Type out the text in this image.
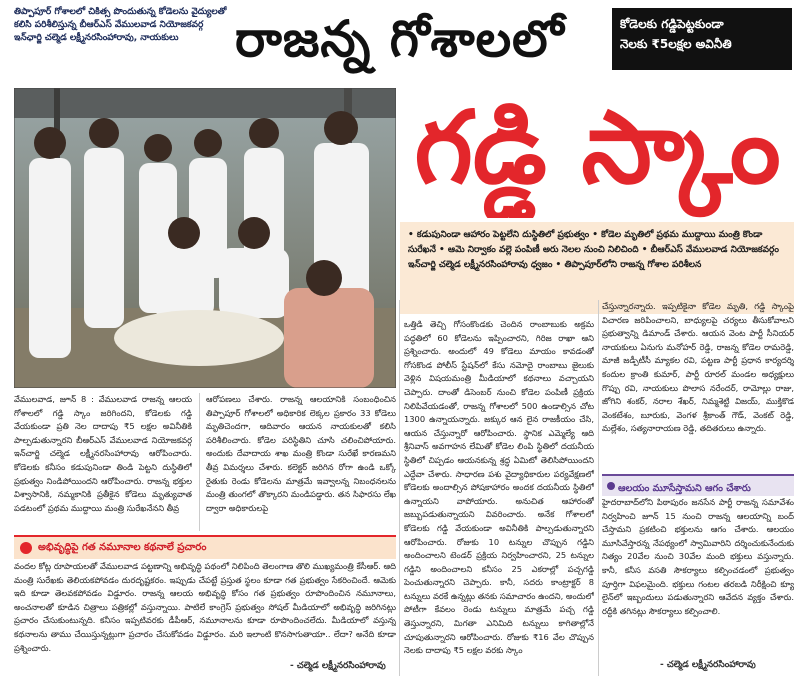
తిప్పాపూర్ గోశాలలో చికిత్స పొందుతున్న కోడెలను వైద్యులతో కలిసి పరిశీలిస్తున్న బీఆర్ఎస్ వేములవాడ నియోజకవర్గ ఇన్‌ఛార్జి చల్మెడ లక్ష్మీనరసింహారావు, నాయకులు	రాజన్న గోశాలలో	కోడెలకు గడ్డిపెట్టకుండా
నెలకు ₹5లక్షల అవినీతి
గడ్డి స్కాం
• కడుపునిండా ఆహారం పెట్టలేని దుస్థితిలో ప్రభుత్వం • కోడెల మృతిలో ప్రథమ ముద్దాయి మంత్రి కొండా సురేఖనే • ఆమె నిర్వాకం వల్లె పంపిణీ అరు నెలల నుంచి నిలిచింది • బీఆర్ఎస్ వేములవాడ నియోజకవర్గం ఇన్‌చార్జి చల్మెడ లక్ష్మీనరసింహారావు ధ్వజం • తిప్పాపూర్‌లోని రాజన్న గోశాల పరిశీలన
వేములవాడ, జూన్ 8 : వేములవాడ రాజన్న ఆలయ గోశాలలో గడ్డి స్కాం జరిగిందని, కోడెలకు గడ్డి వేయకుండా ప్రతి నెల దాదాపు ₹5 లక్షల అవినీతికి పాల్పడుతున్నారని బీఆర్ఎస్ వేములవాడ నియోజకవర్గ ఇన్‌చార్జి చల్మెడ లక్ష్మీనరసింహారావు ఆరోపించారు. కోడెలకు కనీసం కడుపునిండా తిండి పెట్టని దుస్థితిలో ప్రభుత్వం నిండిపోయిందని ఆరోపించారు. రాజన్న భక్తుల విశ్వాసానికి, నమ్మకానికి ప్రతీకైన కోడెలు మృత్యువాత పడటంలో ప్రథమ ముద్దాయి మంత్రి సురేఖనేనని తీవ్ర
ఆరోపణలు చేశారు. రాజన్న ఆలయానికి సంబంధించిన తిప్పాపూర్ గోశాలలో అధికారిక లెక్కల ప్రకారం 33 కోడెలు మృతిచెందగా, ఆదివారం ఆయన నాయకులతో కలిసి పరిశీలించారు. కోడెల పరిస్థితిని చూసి చలించిపోయారు. అందుకు దేవాదాయ శాఖ మంత్రి కొండా సురేఖే కారణమని తీవ్ర విమర్శలు చేశారు. కలెక్టర్ జరిగిన రోగా ఉండి ఒక్కో రైతుకు రెండు కోడెలను మాత్రమే ఇవ్వాలన్న నిబంధనలను మంత్రి తుంగలో తొక్కారని మండిపడ్డారు. తన సిఫారసు లేఖ ద్వారా అధికారులపై
ఒత్తిడి తెచ్చి గోసంకొండకు చెందిన రాంబాబుకు అక్రమ పద్ధతిలో 60 కోడెలను ఇప్పించారని, గిరిజ రాఖా ఆని ప్రశ్నించారు. అందులో 49 కోడెలు మాయం కావడంతో గోసకొండ పోలీస్ స్టేషన్‌లో కేసు నమోదై రాంబాబు జైలుకు వెళ్లిన విషయమంత్రి మీడియాలో కథనాలు వచ్చాయని చెప్పారు. దాంతో డిసెంబర్ నుంచి కోడెల పంపిణీ ప్రక్రియ నిలిపివేయడంతో, రాజన్న గోశాలలో 500 ఉండాల్సిన చోట 1300 ఉన్నాయన్నారు. జక్కుర ఆన లైన రాజకీయం చేసి, ఆయన చేస్తున్నారో ఆరోపించారు. స్థానిక ఎమ్మెల్యే ఆది శ్రీనివాస్ అవగాహన లేమితో కోడెల లింపి స్థితిలో దయనీయ స్థితిలో చిప్పడం ఆయనకున్న శ్రద్ధ ఏమిటో తెలిసిపోయిందని ఎద్దేవా చేశారు. సాధారణ పశు వైద్యాధికారుల పర్యవేక్షణలో కోడెలకు అందాల్సిన పోషకాహారం అందక దయనీయ స్థితిలో ఉన్నాయని వాపోయారు. అనుచిత ఆహారంతో జబ్బుపడుతున్నాయని వివరించారు. అనేక గోశాలలో కోడెలకు గడ్డి వేయకుండా అవినీతికి పాల్పడుతున్నారని ఆరోపించారు. రోజుకు 10 టన్నుల చొప్పున గడ్డిని అందించాలని టెండర్ ప్రక్రియ నిర్వహించారని, 25 టన్నుల గడ్డిని అందించాలని కనీసం 25 ఎకరాల్లో పచ్చగడ్డి పెంచుతున్నారని చెప్పారు. కానీ, సదరు కాంట్రాక్టర్ 8 టన్నులు వరకే ఉన్నట్లు తనకు సమాచారం ఉందని, అందులో పోటీగా కేవలం రెండు టన్నులు మాత్రమే పచ్చ గడ్డి తెస్తున్నారని, మిగతా ఎనిమిది టన్నులు కాగితాల్లోనే చూపుతున్నారని ఆరోపించారు. రోజుకు ₹16 వేల చొప్పున నెలకు దాదాపు ₹5 లక్షల వరకు స్కాం
చేస్తున్నారన్నారు. ఇప్పటికైనా కోడెల మృతి, గడ్డి స్కాంపై విచారణ జరిపించాలని, బాధ్యులపై చర్యలు తీసుకోవాలని ప్రభుత్వాన్ని డిమాండ్ చేశారు. ఆయన వెంట పార్టీ సీనియర్ నాయకులు ఏనుగు మనోహర్ రెడ్డి, రాజన్న కోడెల రామరెడ్డి, మాజీ జడ్పీటీసీ మ్యాకల రవి, పట్టణ పార్టీ ప్రధాన కార్యదర్శి కందుల క్రాంతి కుమార్, పార్టీ రూరల్ మండల అధ్యక్షులు గొప్పు రవి, నాయకులు పొలాస నరేందర్, రామోల్లు రాజు, జోగిని శంకర్, నరాల శేఖర్, నిమ్మశెట్టి విజయ్, ముక్తికొడ వెంకటేశం, బూరుకు, వెంగళ శ్రీకాంత్ గౌడ్, వెంకట్ రెడ్డి, మల్లేశం, సత్యనారాయణ రెడ్డి, తదితరులు ఉన్నారు.
ఆలయం మూసేస్తామని ఆగం చేశారు
హైదరాబాద్‌లోని పిఠాపురం జనసేన పార్టీ రాజన్న సమావేశం నిర్వహించి జూన్ 15 నుంచి రాజన్న ఆలయాన్ని బంద్ చేస్తామని ప్రకటించి భక్తులను ఆగం చేశారు. ఆలయం మూసివేస్తారన్న నేపథ్యంలో స్వామివారిని దర్శించుకునేందుకు నిత్యం 20వేల నుంచి 30వేల మంది భక్తులు వస్తున్నారు. కానీ, కనీస వసతి సౌకర్యాలు కల్పించడంలో ప్రభుత్వం పూర్తిగా విఫలమైంది. భక్తులు గంటల తరబడి నిరీక్షించి క్యూ లైన్‌లో ఇబ్బందులు పడుతున్నారని ఆవేదన వ్యక్తం చేశారు. రద్దీకి తగినట్లు సౌకర్యాలు కల్పించాలి.
అభివృద్ధిపై గత నమూనాల కథనాలే ప్రచారం
వందల కోట్ల రూపాయలతో వేములవాడ పట్టణాన్ని అభివృద్ధి పథంలో నిలిపింది తెలంగాణ తొలి ముఖ్యమంత్రి కేసీఆర్. ఆది మంత్రి సురేఖకు తెలియకపోవడం దురదృష్టకరం. ఇప్పుడు చేపట్టే ప్రస్తుత స్థలం కూడా గత ప్రభుత్వం సేకరించిందే. ఆమెకు ఇది కూడా తెలవకపోవడం విడ్డూరం. రాజన్న ఆలయ అభివృద్ధి కోసం గత ప్రభుత్వం రూపొందించిన నమూనాలు, అంచనాలతో కూడిన చిత్రాలు పత్రికల్లో వస్తున్నాయి. పాటిలే కాంగ్రెస్ ప్రభుత్వం సోషల్ మీడియాలో అభివృద్ధి జరిగినట్లు ప్రచారం చేసుకుంటున్నది. కనీసం ఇప్పటివరకు డీపీఆర్, నమూనాలను కూడా రూపొందించలేదు. మీడియాలో వస్తున్న కథనాలను తాము చేయిస్తున్నట్లుగా ప్రచారం చేసుకోవడం విడ్డూరం. మరి ఇలాంటి కొనసాగుతాయా.. లేదా? అనేది కూడా ప్రశ్నించారు.
- చల్మెడ లక్ష్మీనరసింహారావు	- చల్మెడ లక్ష్మీనరసింహారావు
